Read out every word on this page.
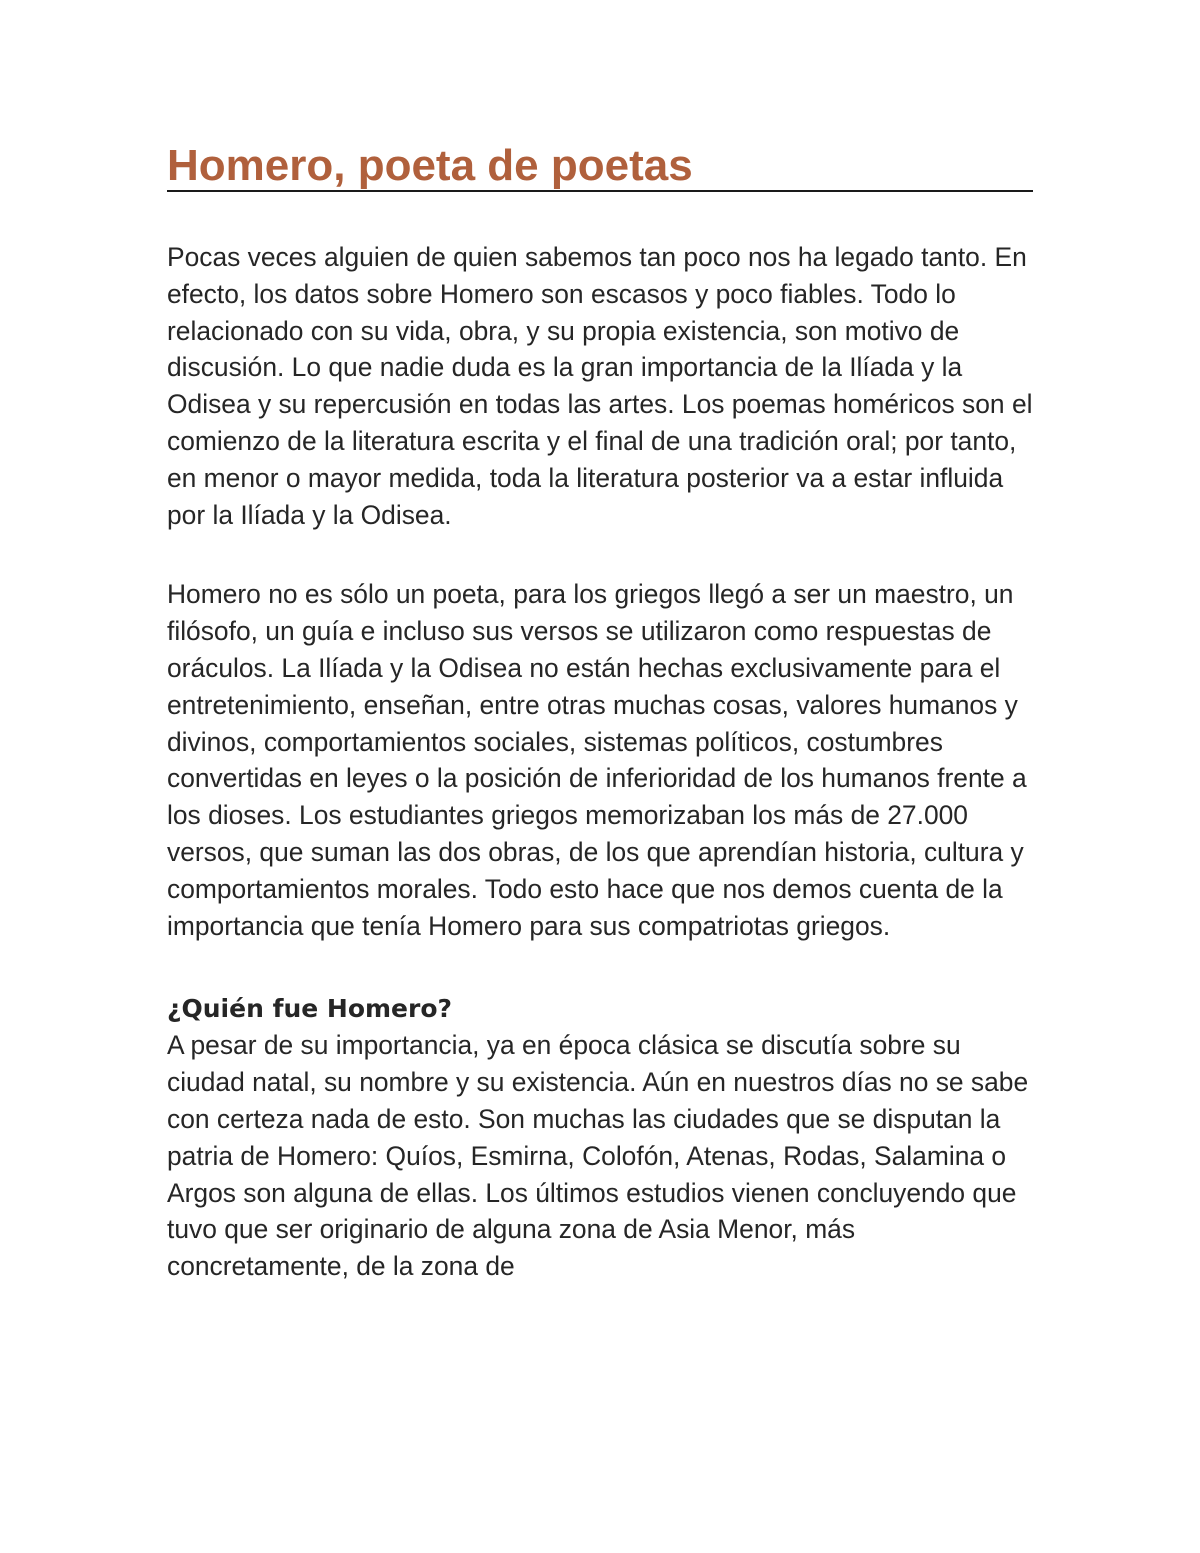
Homero, poeta de poetas

Pocas veces alguien de quien sabemos tan poco nos ha legado tanto. En efecto, los datos sobre Homero son escasos y poco fiables. Todo lo relacionado con su vida, obra, y su propia existencia, son motivo de discusión. Lo que nadie duda es la gran importancia de la Ilíada y la Odisea y su repercusión en todas las artes. Los poemas homéricos son el comienzo de la literatura escrita y el final de una tradición oral; por tanto, en menor o mayor medida, toda la literatura posterior va a estar influida por la Ilíada y la Odisea.

Homero no es sólo un poeta, para los griegos llegó a ser un maestro, un filósofo, un guía e incluso sus versos se utilizaron como respuestas de oráculos. La Ilíada y la Odisea no están hechas exclusivamente para el entretenimiento, enseñan, entre otras muchas cosas, valores humanos y divinos, comportamientos sociales, sistemas políticos, costumbres convertidas en leyes o la posición de inferioridad de los humanos frente a los dioses. Los estudiantes griegos memorizaban los más de 27.000 versos, que suman las dos obras, de los que aprendían historia, cultura y comportamientos morales. Todo esto hace que nos demos cuenta de la importancia que tenía Homero para sus compatriotas griegos.

¿Quién fue Homero?

A pesar de su importancia, ya en época clásica se discutía sobre su ciudad natal, su nombre y su existencia. Aún en nuestros días no se sabe con certeza nada de esto. Son muchas las ciudades que se disputan la patria de Homero: Quíos, Esmirna, Colofón, Atenas, Rodas, Salamina o Argos son alguna de ellas. Los últimos estudios vienen concluyendo que tuvo que ser originario de alguna zona de Asia Menor, más concretamente, de la zona de
